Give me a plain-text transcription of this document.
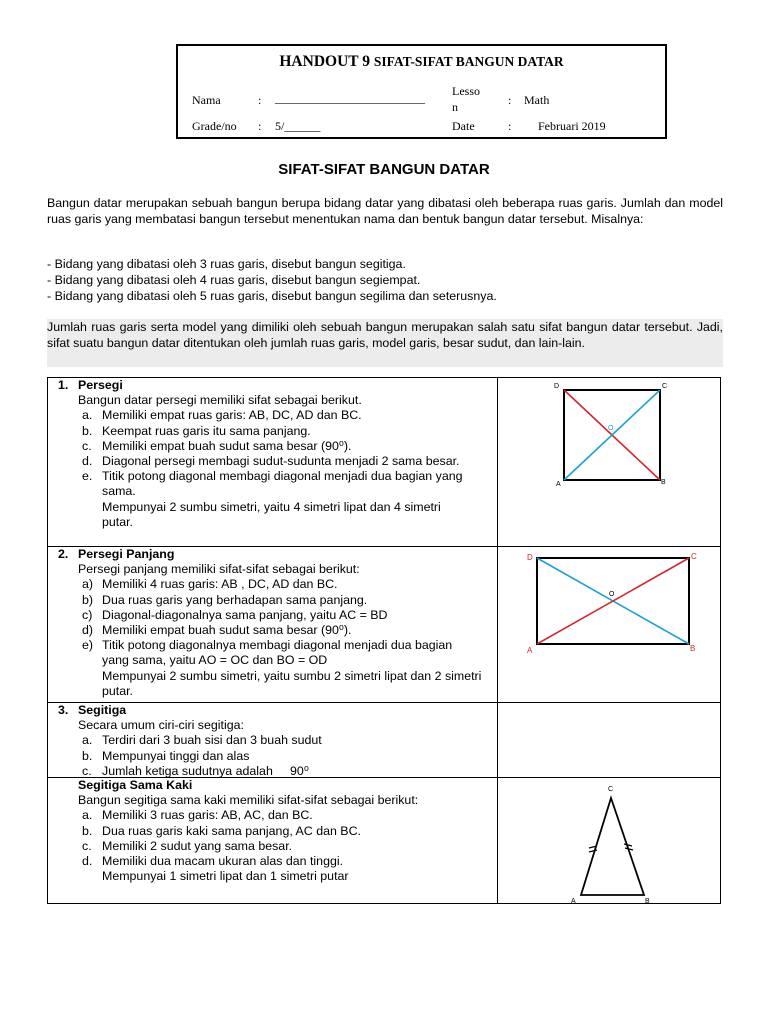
HANDOUT 9 SIFAT-SIFAT BANGUN DATAR
Nama	: _________________________ Lesso
n	: Math
Grade/no : 5/______	Date	: Februari 2019
SIFAT-SIFAT BANGUN DATAR
Bangun datar merupakan sebuah bangun berupa bidang datar yang dibatasi oleh beberapa ruas garis. Jumlah dan model ruas garis yang membatasi bangun tersebut menentukan nama dan bentuk bangun datar tersebut. Misalnya:
- Bidang yang dibatasi oleh 3 ruas garis, disebut bangun segitiga.
- Bidang yang dibatasi oleh 4 ruas garis, disebut bangun segiempat.
- Bidang yang dibatasi oleh 5 ruas garis, disebut bangun segilima dan seterusnya.
Jumlah ruas garis serta model yang dimiliki oleh sebuah bangun merupakan salah satu sifat bangun datar tersebut. Jadi, sifat suatu bangun datar ditentukan oleh jumlah ruas garis, model garis, besar sudut, dan lain-lain.
1. Persegi
Bangun datar persegi memiliki sifat sebagai berikut.
a. Memiliki empat ruas garis: AB, DC, AD dan BC.
b. Keempat ruas garis itu sama panjang.
c. Memiliki empat buah sudut sama besar (90⁰).
d. Diagonal persegi membagi sudut-sudunta menjadi 2 sama besar.
e. Titik potong diagonal membagi diagonal menjadi dua bagian yang sama.
Mempunyai 2 sumbu simetri, yaitu 4 simetri lipat dan 4 simetri putar.
2. Persegi Panjang
Persegi panjang memiliki sifat-sifat sebagai berikut:
a) Memiliki 4 ruas garis: AB , DC, AD dan BC.
b) Dua ruas garis yang berhadapan sama panjang.
c) Diagonal-diagonalnya sama panjang, yaitu AC = BD
d) Memiliki empat buah sudut sama besar (90⁰).
e) Titik potong diagonalnya membagi diagonal menjadi dua bagian yang sama, yaitu AO = OC dan BO = OD
Mempunyai 2 sumbu simetri, yaitu sumbu 2 simetri lipat dan 2 simetri putar.
3. Segitiga
Secara umum ciri-ciri segitiga:
a. Terdiri dari 3 buah sisi dan 3 buah sudut
b. Mempunyai tinggi dan alas
c. Jumlah ketiga sudutnya adalah     90⁰
Segitiga Sama Kaki
Bangun segitiga sama kaki memiliki sifat-sifat sebagai berikut:
a. Memiliki 3 ruas garis: AB, AC, dan BC.
b. Dua ruas garis kaki sama panjang, AC dan BC.
c. Memiliki 2 sudut yang sama besar.
d. Memiliki dua macam ukuran alas dan tinggi.
Mempunyai 1 simetri lipat dan 1 simetri putar
D	C
A	B
O
D	C
A	B
O
C
A	B
